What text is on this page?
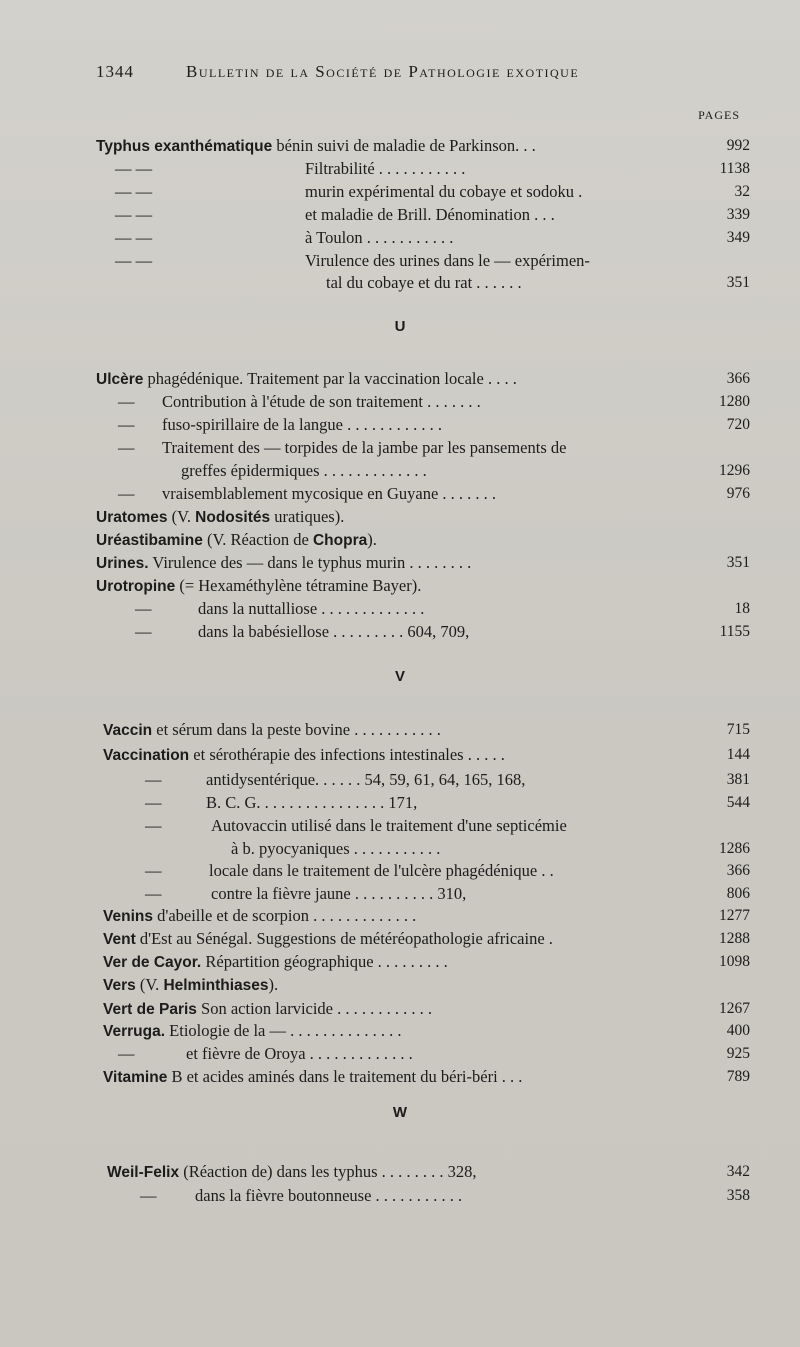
1344	Bulletin de la Société de Pathologie exotique
PAGES
U
V
W
Typhus exanthématique bénin suivi de maladie de Parkinson. . .	992
— —	Filtrabilité . . . . . . . . . . .	1138
— —	murin expérimental du cobaye et sodoku .	32
— —	et maladie de Brill. Dénomination . . .	339
— —	à Toulon . . . . . . . . . . .	349
— —	Virulence des urines dans le — expérimen-
tal du cobaye et du rat . . . . . .	351
Ulcère phagédénique. Traitement par la vaccination locale . . . .	366
— Contribution à l'étude de son traitement . . . . . . .	1280
— fuso-spirillaire de la langue . . . . . . . . . . . .	720
— Traitement des — torpides de la jambe par les pansements de
greffes épidermiques . . . . . . . . . . . . .	1296
— vraisemblablement mycosique en Guyane . . . . . . .	976
Uratomes (V. Nodosités uratiques).
Uréastibamine (V. Réaction de Chopra).
Urines. Virulence des — dans le typhus murin . . . . . . . .	351
Urotropine (= Hexaméthylène tétramine Bayer).
—	dans la nuttalliose . . . . . . . . . . . . .	18
—	dans la babésiellose . . . . . . . . . 604, 709,	1155
Vaccin et sérum dans la peste bovine . . . . . . . . . . .	715
Vaccination et sérothérapie des infections intestinales . . . . .	144
—	antidysentérique. . . . . . 54, 59, 61, 64, 165, 168,	381
—	B. C. G. . . . . . . . . . . . . . . . 171,	544
—	Autovaccin utilisé dans le traitement d'une septicémie
à b. pyocyaniques . . . . . . . . . . .	1286
—	locale dans le traitement de l'ulcère phagédénique . .	366
—	contre la fièvre jaune . . . . . . . . . . 310,	806
Venins d'abeille et de scorpion . . . . . . . . . . . . .	1277
Vent d'Est au Sénégal. Suggestions de météréopathologie africaine .	1288
Ver de Cayor. Répartition géographique . . . . . . . . .	1098
Vers (V. Helminthiases).
Vert de Paris Son action larvicide . . . . . . . . . . . .	1267
Verruga. Etiologie de la — . . . . . . . . . . . . . .	400
—	et fièvre de Oroya . . . . . . . . . . . . .	925
Vitamine B et acides aminés dans le traitement du béri-béri . . .	789
Weil-Felix (Réaction de) dans les typhus . . . . . . . . 328,	342
— dans la fièvre boutonneuse . . . . . . . . . . .	358
